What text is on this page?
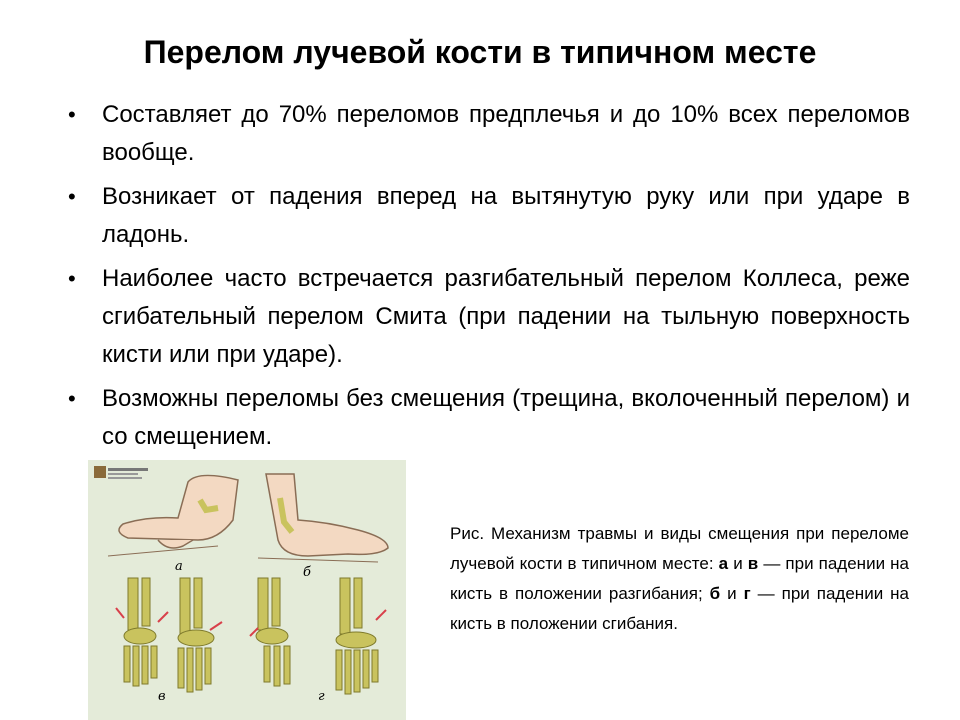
Перелом лучевой кости в типичном месте
• Составляет до 70% переломов предплечья и до 10% всех переломов вообще.
• Возникает от падения вперед на вытянутую руку или при ударе в ладонь.
• Наиболее часто встречается разгибательный перелом Коллеса, реже сгибательный перелом Смита (при падении на тыльную поверхность кисти или при ударе).
• Возможны переломы без смещения (трещина, вколоченный перелом) и со смещением.
а	б
в	г

Рис. Механизм травмы и виды смещения при переломе лучевой кости в типичном месте: а и в — при падении на кисть в положении разгибания; б и г — при падении на кисть в положении сгибания.
